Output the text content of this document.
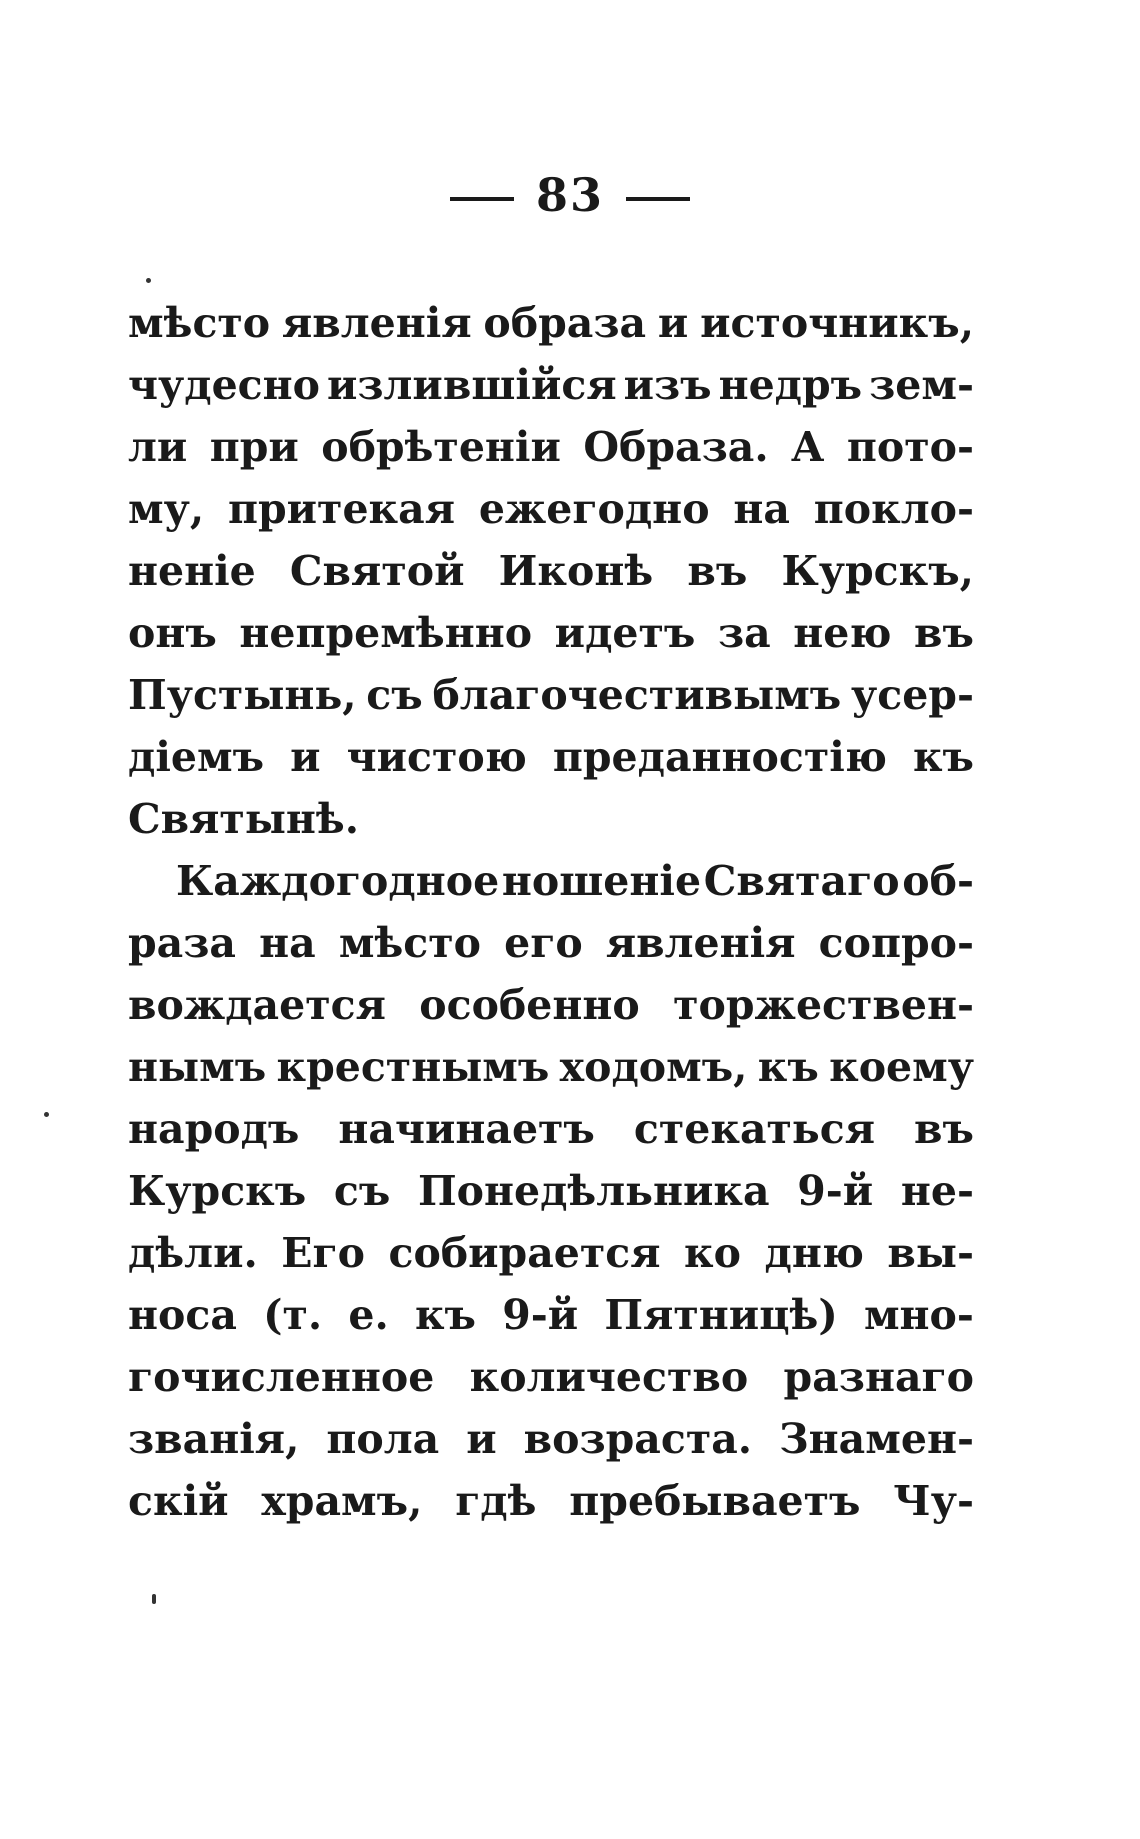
83
мѣсто явленія образа и источникъ,
чудесно излившійся изъ недръ зем-
ли при обрѣтеніи Образа. А пото-
му, притекая ежегодно на покло-
неніе Святой Иконѣ въ Курскъ,
онъ непремѣнно идетъ за нею въ
Пустынь, съ благочестивымъ усер-
діемъ и чистою преданностію къ
Святынѣ.
Каждогодное ношеніе Святаго об-
раза на мѣсто его явленія сопро-
вождается особенно торжествен-
нымъ крестнымъ ходомъ, къ коему
народъ начинаетъ стекаться въ
Курскъ съ Понедѣльника 9-й не-
дѣли. Его собирается ко дню вы-
носа (т. е. къ 9-й Пятницѣ) мно-
гочисленное количество разнаго
званія, пола и возраста. Знамен-
скій храмъ, гдѣ пребываетъ Чу-
